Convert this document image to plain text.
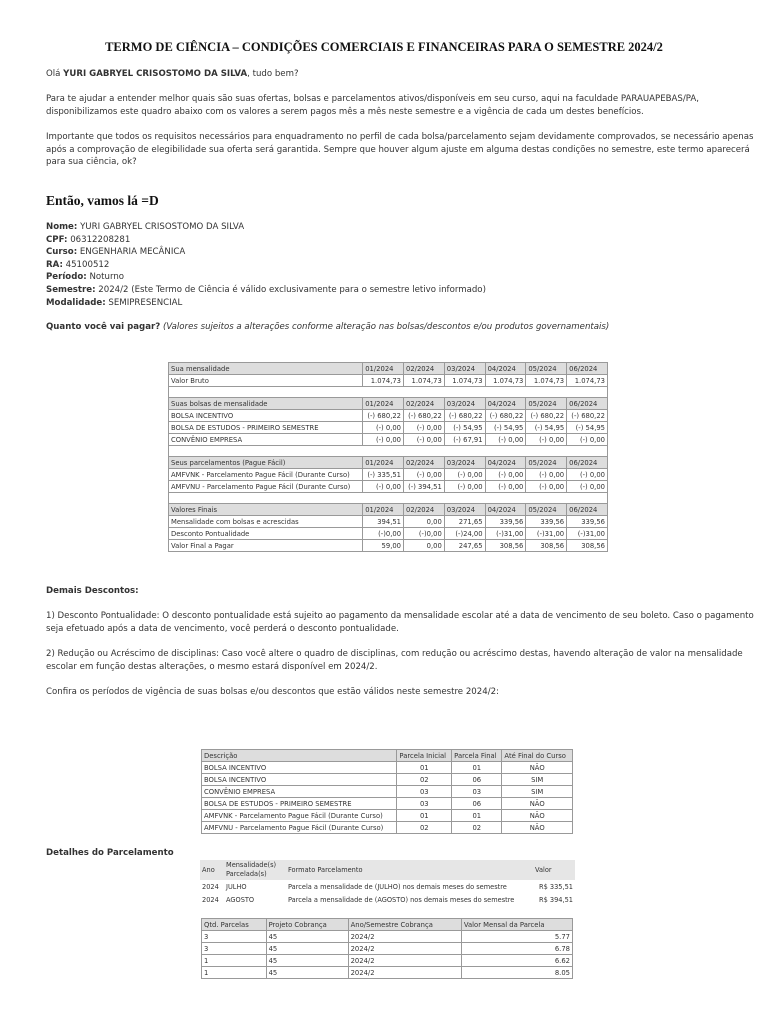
TERMO DE CIÊNCIA – CONDIÇÕES COMERCIAIS E FINANCEIRAS PARA O SEMESTRE 2024/2
Olá YURI GABRYEL CRISOSTOMO DA SILVA, tudo bem?
Para te ajudar a entender melhor quais são suas ofertas, bolsas e parcelamentos ativos/disponíveis em seu curso, aqui na faculdade PARAUAPEBAS/PA, disponibilizamos este quadro abaixo com os valores a serem pagos mês a mês neste semestre e a vigência de cada um destes benefícios.
Importante que todos os requisitos necessários para enquadramento no perfil de cada bolsa/parcelamento sejam devidamente comprovados, se necessário apenas após a comprovação de elegibilidade sua oferta será garantida. Sempre que houver algum ajuste em alguma destas condições no semestre, este termo aparecerá para sua ciência, ok?
Então, vamos lá =D
Nome: YURI GABRYEL CRISOSTOMO DA SILVA
CPF: 06312208281
Curso: ENGENHARIA MECÂNICA
RA: 45100512
Período: Noturno
Semestre: 2024/2 (Este Termo de Ciência é válido exclusivamente para o semestre letivo informado)
Modalidade: SEMIPRESENCIAL
Quanto você vai pagar? (Valores sujeitos a alterações conforme alteração nas bolsas/descontos e/ou produtos governamentais)
Sua mensalidade	01/2024	02/2024	03/2024	04/2024	05/2024	06/2024
Valor Bruto	1.074,73	1.074,73	1.074,73	1.074,73	1.074,73	1.074,73

Suas bolsas de mensalidade	01/2024	02/2024	03/2024	04/2024	05/2024	06/2024
BOLSA INCENTIVO	(-) 680,22	(-) 680,22	(-) 680,22	(-) 680,22	(-) 680,22	(-) 680,22
BOLSA DE ESTUDOS - PRIMEIRO SEMESTRE	(-) 0,00	(-) 0,00	(-) 54,95	(-) 54,95	(-) 54,95	(-) 54,95
CONVÊNIO EMPRESA	(-) 0,00	(-) 0,00	(-) 67,91	(-) 0,00	(-) 0,00	(-) 0,00

Seus parcelamentos (Pague Fácil)	01/2024	02/2024	03/2024	04/2024	05/2024	06/2024
AMFVNK - Parcelamento Pague Fácil (Durante Curso)	(-) 335,51	(-) 0,00	(-) 0,00	(-) 0,00	(-) 0,00	(-) 0,00
AMFVNU - Parcelamento Pague Fácil (Durante Curso)	(-) 0,00	(-) 394,51	(-) 0,00	(-) 0,00	(-) 0,00	(-) 0,00

Valores Finais	01/2024	02/2024	03/2024	04/2024	05/2024	06/2024
Mensalidade com bolsas e acrescidas	394,51	0,00	271,65	339,56	339,56	339,56
Desconto Pontualidade	(-)0,00	(-)0,00	(-)24,00	(-)31,00	(-)31,00	(-)31,00
Valor Final a Pagar	59,00	0,00	247,65	308,56	308,56	308,56
Demais Descontos:
1) Desconto Pontualidade: O desconto pontualidade está sujeito ao pagamento da mensalidade escolar até a data de vencimento de seu boleto. Caso o pagamento seja efetuado após a data de vencimento, você perderá o desconto pontualidade.
2) Redução ou Acréscimo de disciplinas: Caso você altere o quadro de disciplinas, com redução ou acréscimo destas, havendo alteração de valor na mensalidade escolar em função destas alterações, o mesmo estará disponível em 2024/2.
Confira os períodos de vigência de suas bolsas e/ou descontos que estão válidos neste semestre 2024/2:
Descrição	Parcela Inicial	Parcela Final	Até Final do Curso
BOLSA INCENTIVO	01	01	NÃO
BOLSA INCENTIVO	02	06	SIM
CONVÊNIO EMPRESA	03	03	SIM
BOLSA DE ESTUDOS - PRIMEIRO SEMESTRE	03	06	NÃO
AMFVNK - Parcelamento Pague Fácil (Durante Curso)	01	01	NÃO
AMFVNU - Parcelamento Pague Fácil (Durante Curso)	02	02	NÃO
Detalhes do Parcelamento
Ano	Mensalidade(s) Parcelada(s)	Formato Parcelamento	Valor
2024	JULHO	Parcela a mensalidade de (JULHO) nos demais meses do semestre	R$ 335,51
2024	AGOSTO	Parcela a mensalidade de (AGOSTO) nos demais meses do semestre	R$ 394,51
Qtd. Parcelas	Projeto Cobrança	Ano/Semestre Cobrança	Valor Mensal da Parcela
3	45	2024/2	5.77
3	45	2024/2	6.78
1	45	2024/2	6.62
1	45	2024/2	8.05
